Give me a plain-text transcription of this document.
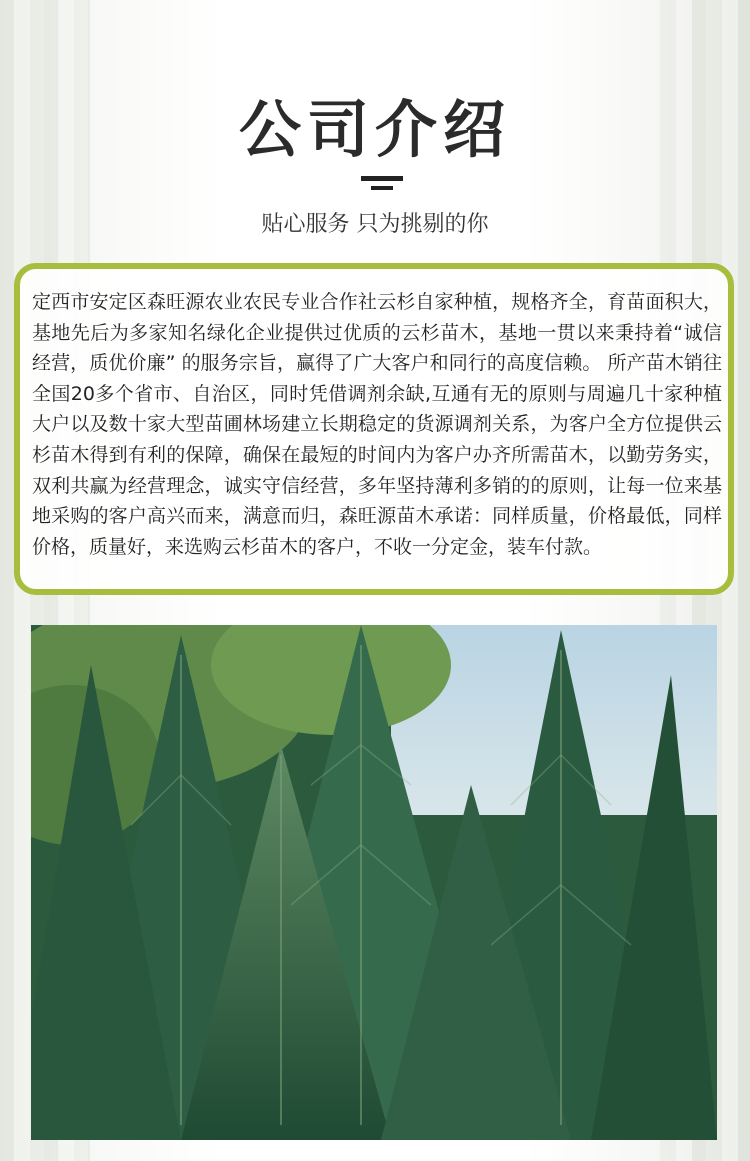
公司介绍
贴心服务 只为挑剔的你

定西市安定区森旺源农业农民专业合作社云杉自家种植，规格齐全，育苗面积大，基地先后为多家知名绿化企业提供过优质的云杉苗木，基地一贯以来秉持着“诚信经营，质优价廉” 的服务宗旨，赢得了广大客户和同行的高度信赖。 所产苗木销往全国20多个省市、自治区，同时凭借调剂余缺,互通有无的原则与周遍几十家种植大户以及数十家大型苗圃林场建立长期稳定的货源调剂关系，为客户全方位提供云杉苗木得到有利的保障，确保在最短的时间内为客户办齐所需苗木，以勤劳务实，双利共赢为经营理念，诚实守信经营，多年坚持薄利多销的的原则，让每一位来基地采购的客户高兴而来，满意而归，森旺源苗木承诺：同样质量，价格最低，同样价格，质量好，来选购云杉苗木的客户，不收一分定金，装车付款。
